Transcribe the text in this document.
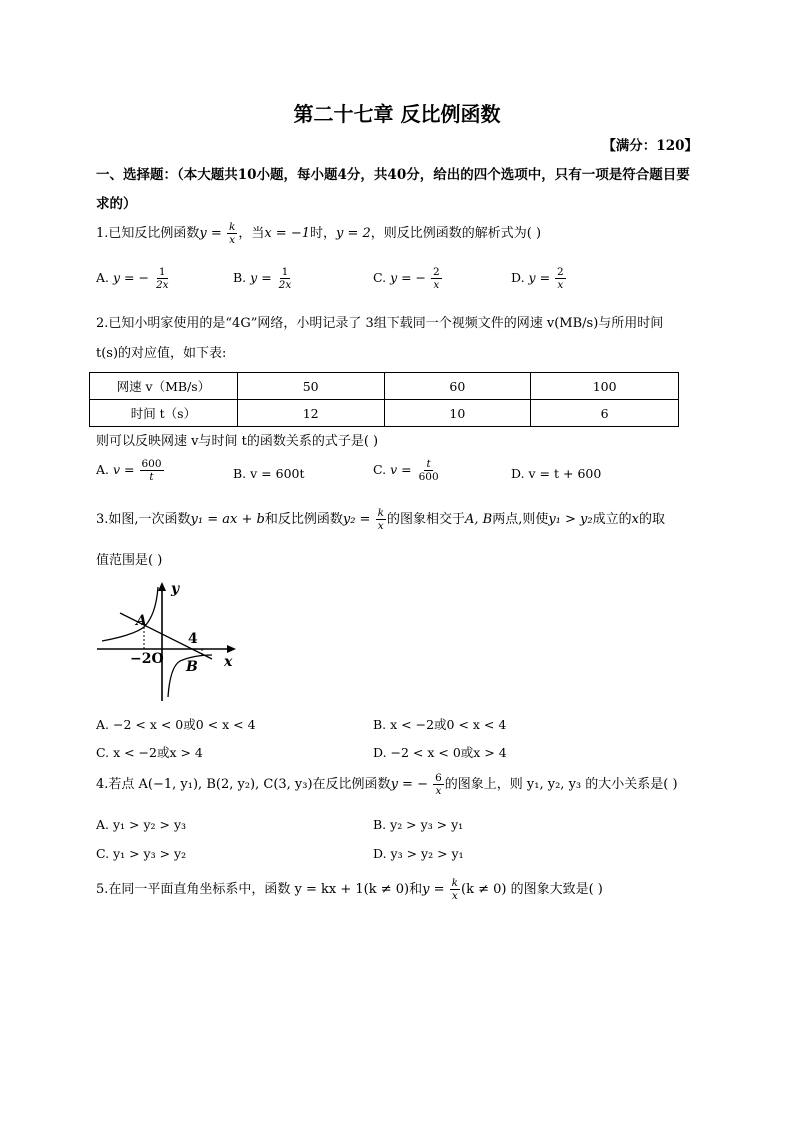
第二十七章 反比例函数
【满分：120】
一、选择题：（本大题共10小题，每小题4分，共40分，给出的四个选项中，只有一项是符合题目要求的）
1.已知反比例函数$y = \frac{k}{x}$ ，当x = −1时，y = 2，则反比例函数的解析式为( )
A. y = − $\frac{1}{2x}$	B. $y = \frac{1}{2x}$	C. y = − $\frac{2}{x}$	D. $y = \frac{2}{x}$
2.已知小明家使用的是“4G”网络，小明记录了 3组下载同一个视频文件的网速 v(MB/s)与所用时间
t(s)的对应值，如下表:
网速 v（MB/s）	50	60	100
时间 t（s）	12	10	6
则可以反映网速 v与时间 t的函数关系的式子是( )
A. $v = \frac{600}{t}$	B. v = 600t	C. $v = \frac{t}{600}$	D. v = t + 600
3.如图,一次函数y₁ = ax + b和反比例函数$y_2 = \frac{k}{x}$ 的图象相交于A, B两点,则使y₁ > y₂成立的x的取
值范围是( )
y
x
A
B
4
−2O
A. −2 < x < 0或0 < x < 4	B. x < −2或0 < x < 4
C. x < −2或x > 4	D. −2 < x < 0或x > 4
4.若点 A(−1, y₁), B(2, y₂), C(3, y₃)在反比例函数y = − $\frac{6}{x}$ 的图象上，则 y₁, y₂, y₃ 的大小关系是( )
A. y₁ > y₂ > y₃	B. y₂ > y₃ > y₁
C. y₁ > y₃ > y₂	D. y₃ > y₂ > y₁
5.在同一平面直角坐标系中，函数 y = kx + 1(k ≠ 0)和$y = \frac{k}{x} (k \ne 0)$ 的图象大致是( )
